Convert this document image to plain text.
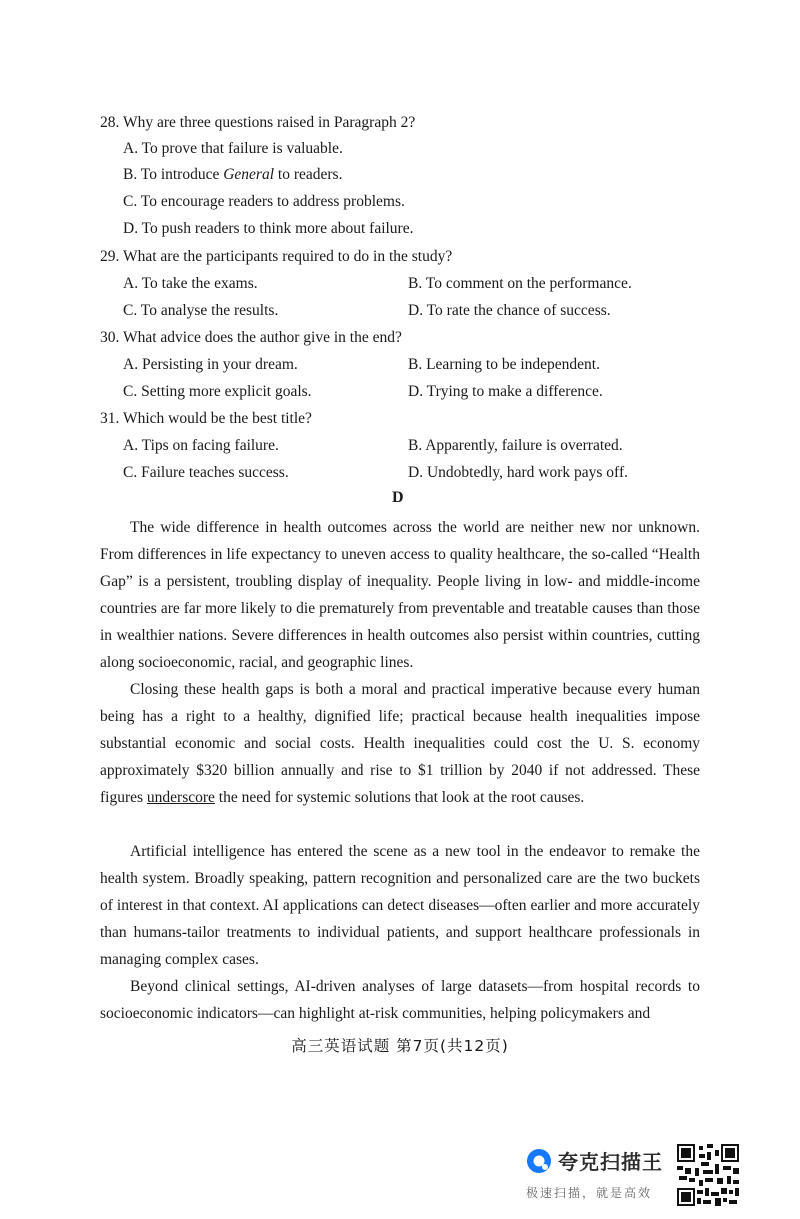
28. Why are three questions raised in Paragraph 2?
A. To prove that failure is valuable.
B. To introduce General to readers.
C. To encourage readers to address problems.
D. To push readers to think more about failure.
29. What are the participants required to do in the study?
A. To take the exams.	B. To comment on the performance.
C. To analyse the results.	D. To rate the chance of success.
30. What advice does the author give in the end?
A. Persisting in your dream.	B. Learning to be independent.
C. Setting more explicit goals.	D. Trying to make a difference.
31. Which would be the best title?
A. Tips on facing failure.	B. Apparently, failure is overrated.
C. Failure teaches success.	D. Undobtedly, hard work pays off.
D
The wide difference in health outcomes across the world are neither new nor unknown. From differences in life expectancy to uneven access to quality healthcare, the so-called “Health Gap” is a persistent, troubling display of inequality. People living in low- and middle-income countries are far more likely to die prematurely from preventable and treatable causes than those in wealthier nations. Severe differences in health outcomes also persist within countries, cutting along socioeconomic, racial, and geographic lines.
Closing these health gaps is both a moral and practical imperative because every human being has a right to a healthy, dignified life; practical because health inequalities impose substantial economic and social costs. Health inequalities could cost the U. S. economy approximately $320 billion annually and rise to $1 trillion by 2040 if not addressed. These figures underscore the need for systemic solutions that look at the root causes.
Artificial intelligence has entered the scene as a new tool in the endeavor to remake the health system. Broadly speaking, pattern recognition and personalized care are the two buckets of interest in that context. AI applications can detect diseases—often earlier and more accurately than humans-tailor treatments to individual patients, and support healthcare professionals in managing complex cases.
Beyond clinical settings, AI-driven analyses of large datasets—from hospital records to socioeconomic indicators—can highlight at-risk communities, helping policymakers and
高三英语试题 第7页(共12页)
夸克扫描王
极速扫描，就是高效
